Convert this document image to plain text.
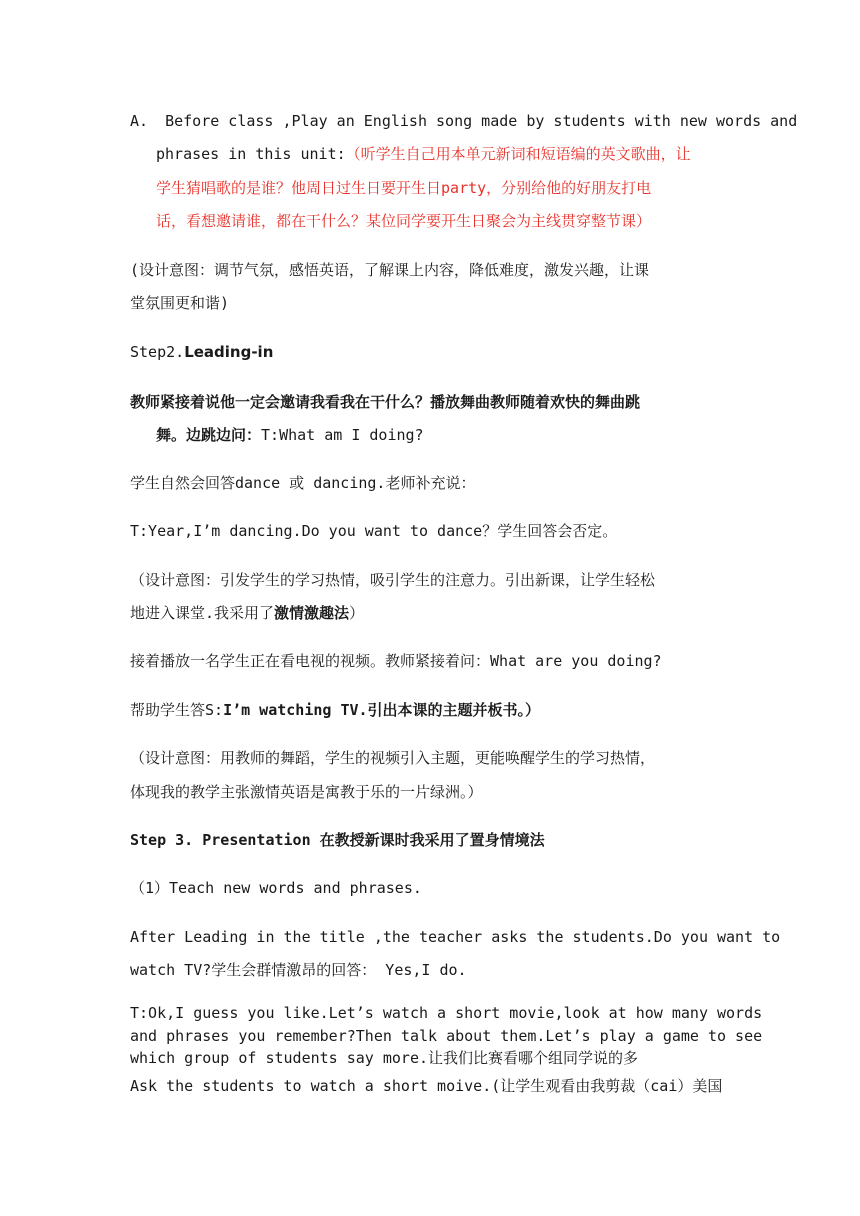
A. Before class ,Play an English song made by students with new words and
phrases in this unit:（听学生自己用本单元新词和短语编的英文歌曲，让
学生猜唱歌的是谁？他周日过生日要开生日party，分别给他的好朋友打电
话，看想邀请谁，都在干什么？某位同学要开生日聚会为主线贯穿整节课）
(设计意图：调节气氛，感悟英语，了解课上内容，降低难度，激发兴趣，让课
堂氛围更和谐)
Step2.Leading-in
教师紧接着说他一定会邀请我看我在干什么？播放舞曲教师随着欢快的舞曲跳
舞。边跳边问：T:What am I doing?
学生自然会回答dance 或 dancing.老师补充说：
T:Year,I’m dancing.Do you want to dance？学生回答会否定。
（设计意图：引发学生的学习热情，吸引学生的注意力。引出新课，让学生轻松
地进入课堂.我采用了激情激趣法）
接着播放一名学生正在看电视的视频。教师紧接着问：What are you doing?
帮助学生答S:I’m watching TV.引出本课的主题并板书。）
（设计意图：用教师的舞蹈，学生的视频引入主题，更能唤醒学生的学习热情，
体现我的教学主张激情英语是寓教于乐的一片绿洲。）
Step 3. Presentation 在教授新课时我采用了置身情境法
（1）Teach new words and phrases.
After Leading in the title ,the teacher asks the students.Do you want to
watch TV?学生会群情激昂的回答： Yes,I do.
T:Ok,I guess you like.Let’s watch a short movie,look at how many words
and phrases you remember?Then talk about them.Let’s play a game to see
which group of students say more.让我们比赛看哪个组同学说的多
Ask the students to watch a short moive.(让学生观看由我剪裁（cai）美国
